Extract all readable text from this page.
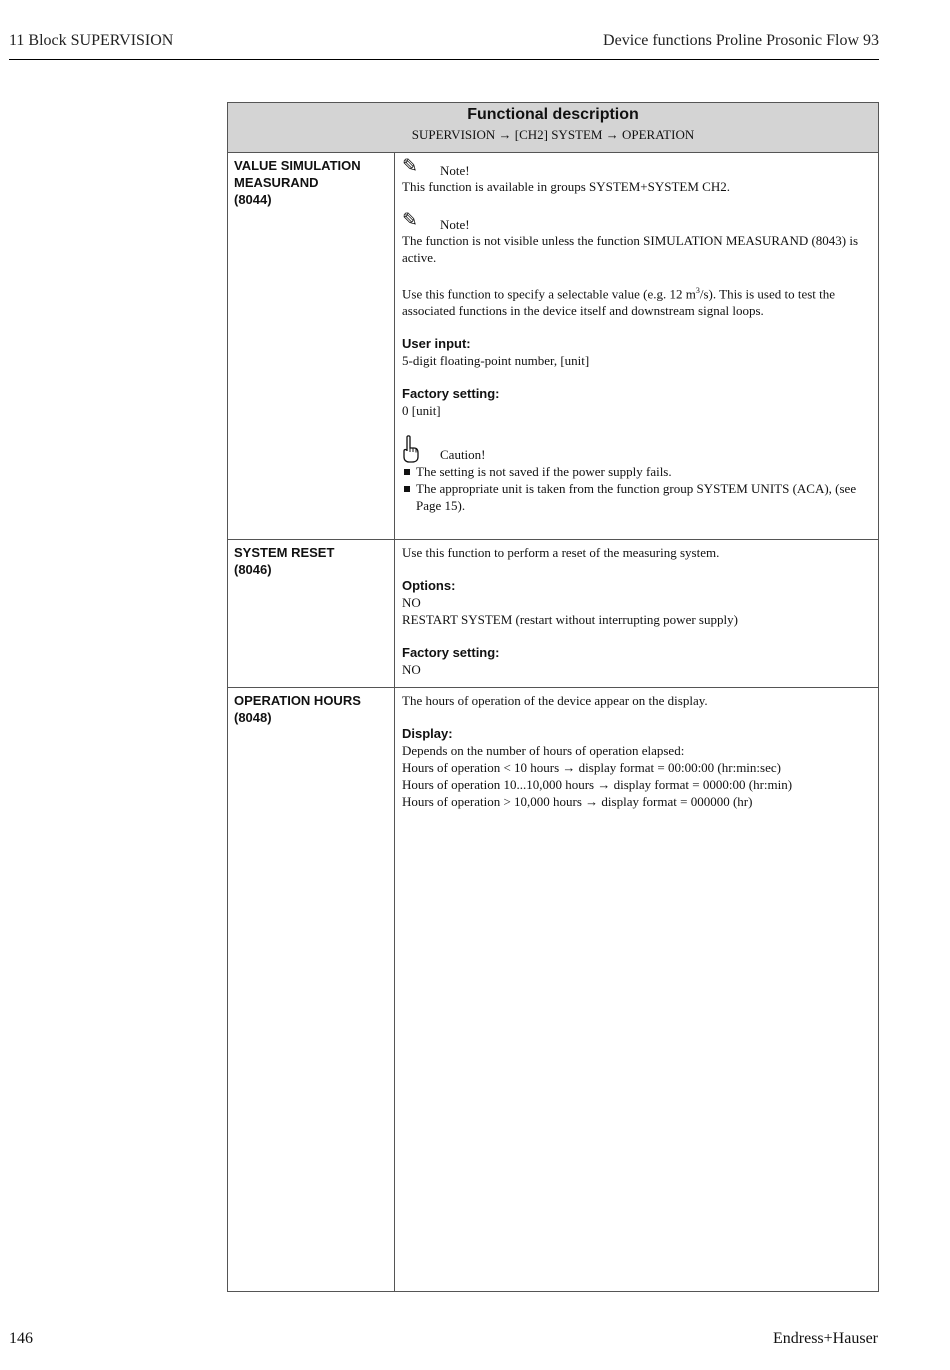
11 Block SUPERVISION	Device functions Proline Prosonic Flow 93
Functional description
SUPERVISION → [CH2] SYSTEM → OPERATION
VALUE SIMULATION
MEASURAND
(8044)
✎ Note!

This function is available in groups SYSTEM+SYSTEM CH2.

✎ Note!

The function is not visible unless the function SIMULATION MEASURAND (8043) is active.

Use this function to specify a selectable value (e.g. 12 $m^3/s$). This is used to test the associated functions in the device itself and downstream signal loops.

User input:

5-digit floating-point number, [unit]

Factory setting:

0 [unit]

Caution!

The setting is not saved if the power supply fails.

The appropriate unit is taken from the function group SYSTEM UNITS (ACA), (see Page 15).

SYSTEM RESET
(8046)

Use this function to perform a reset of the measuring system.

Options:

NO

RESTART SYSTEM (restart without interrupting power supply)

Factory setting:

NO

OPERATION HOURS
(8048)

The hours of operation of the device appear on the display.

Display:

Depends on the number of hours of operation elapsed:

Hours of operation < 10 hours → display format = 00:00:00 (hr:min:sec)

Hours of operation 10...10,000 hours → display format = 0000:00 (hr:min)

Hours of operation > 10,000 hours → display format = 000000 (hr)

146	Endress+Hauser
